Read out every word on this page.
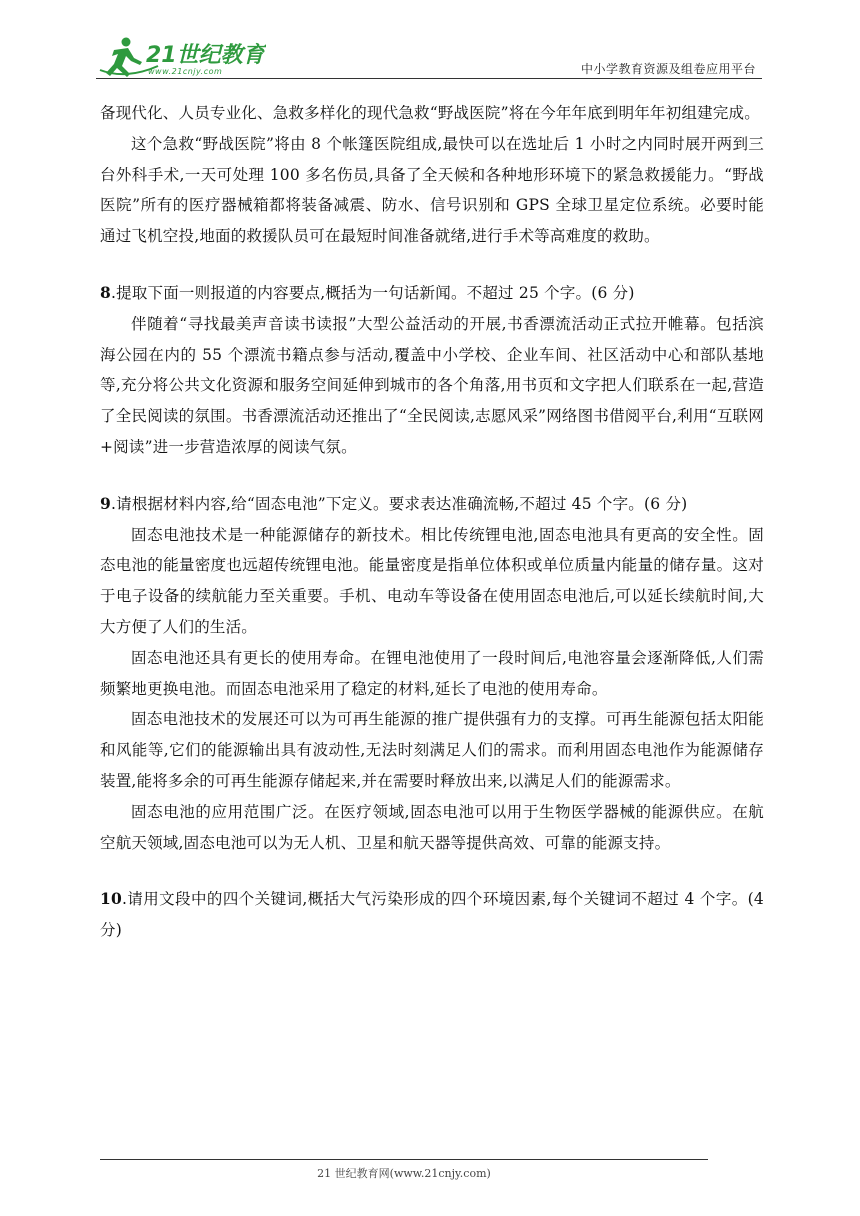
21世纪教育
www.21cnjy.com	中小学教育资源及组卷应用平台

备现代化、人员专业化、急救多样化的现代急救“野战医院”将在今年年底到明年年初组建完成。

这个急救“野战医院”将由 8 个帐篷医院组成,最快可以在选址后 1 小时之内同时展开两到三台外科手术,一天可处理 100 多名伤员,具备了全天候和各种地形环境下的紧急救援能力。“野战医院”所有的医疗器械箱都将装备减震、防水、信号识别和 GPS 全球卫星定位系统。必要时能通过飞机空投,地面的救援队员可在最短时间准备就绪,进行手术等高难度的救助。

8.提取下面一则报道的内容要点,概括为一句话新闻。不超过 25 个字。(6 分)

伴随着“寻找最美声音读书读报”大型公益活动的开展,书香漂流活动正式拉开帷幕。包括滨海公园在内的 55 个漂流书籍点参与活动,覆盖中小学校、企业车间、社区活动中心和部队基地等,充分将公共文化资源和服务空间延伸到城市的各个角落,用书页和文字把人们联系在一起,营造了全民阅读的氛围。书香漂流活动还推出了“全民阅读,志愿风采”网络图书借阅平台,利用“互联网+阅读”进一步营造浓厚的阅读气氛。

9.请根据材料内容,给“固态电池”下定义。要求表达准确流畅,不超过 45 个字。(6 分)

固态电池技术是一种能源储存的新技术。相比传统锂电池,固态电池具有更高的安全性。固态电池的能量密度也远超传统锂电池。能量密度是指单位体积或单位质量内能量的储存量。这对于电子设备的续航能力至关重要。手机、电动车等设备在使用固态电池后,可以延长续航时间,大大方便了人们的生活。

固态电池还具有更长的使用寿命。在锂电池使用了一段时间后,电池容量会逐渐降低,人们需频繁地更换电池。而固态电池采用了稳定的材料,延长了电池的使用寿命。

固态电池技术的发展还可以为可再生能源的推广提供强有力的支撑。可再生能源包括太阳能和风能等,它们的能源输出具有波动性,无法时刻满足人们的需求。而利用固态电池作为能源储存装置,能将多余的可再生能源存储起来,并在需要时释放出来,以满足人们的能源需求。

固态电池的应用范围广泛。在医疗领域,固态电池可以用于生物医学器械的能源供应。在航空航天领域,固态电池可以为无人机、卫星和航天器等提供高效、可靠的能源支持。

10.请用文段中的四个关键词,概括大气污染形成的四个环境因素,每个关键词不超过 4 个字。(4 分)

21 世纪教育网(www.21cnjy.com)
